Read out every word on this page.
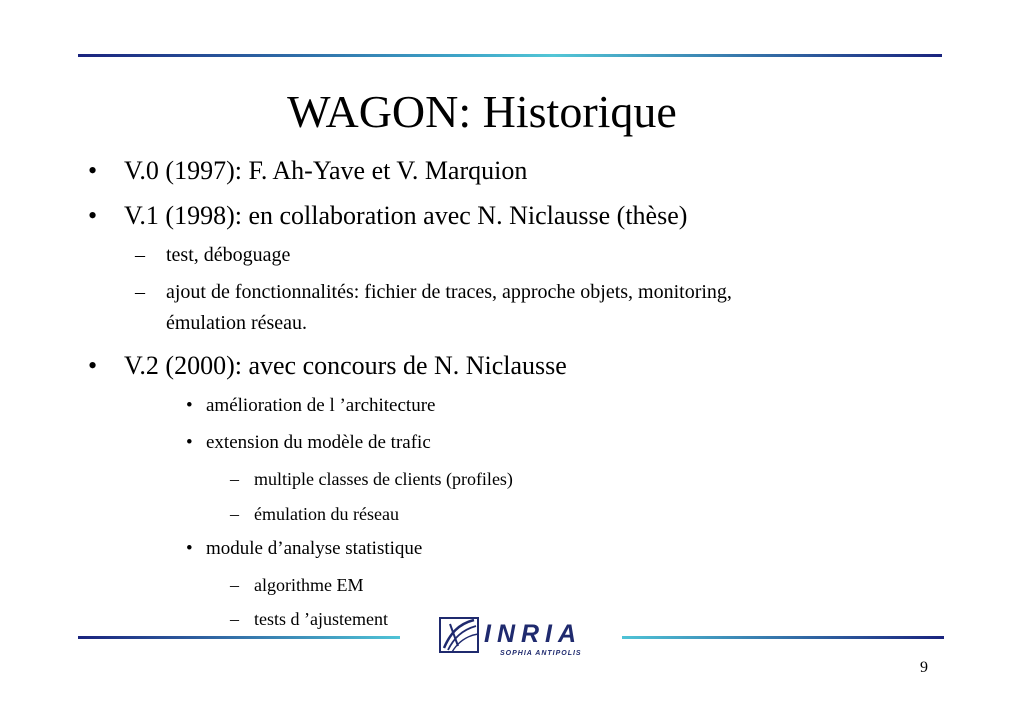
WAGON: Historique
• V.0 (1997): F. Ah-Yave et V. Marquion
• V.1 (1998): en collaboration avec N. Niclausse (thèse)
– test, déboguage
– ajout de fonctionnalités: fichier de traces, approche objets, monitoring,
émulation réseau.
• V.2 (2000): avec concours de N. Niclausse
• amélioration de l ’architecture
• extension du modèle de trafic
– multiple classes de clients (profiles)
– émulation du réseau
• module d’analyse statistique
– algorithme EM
– tests d ’ajustement
INRIA
SOPHIA ANTIPOLIS
9
